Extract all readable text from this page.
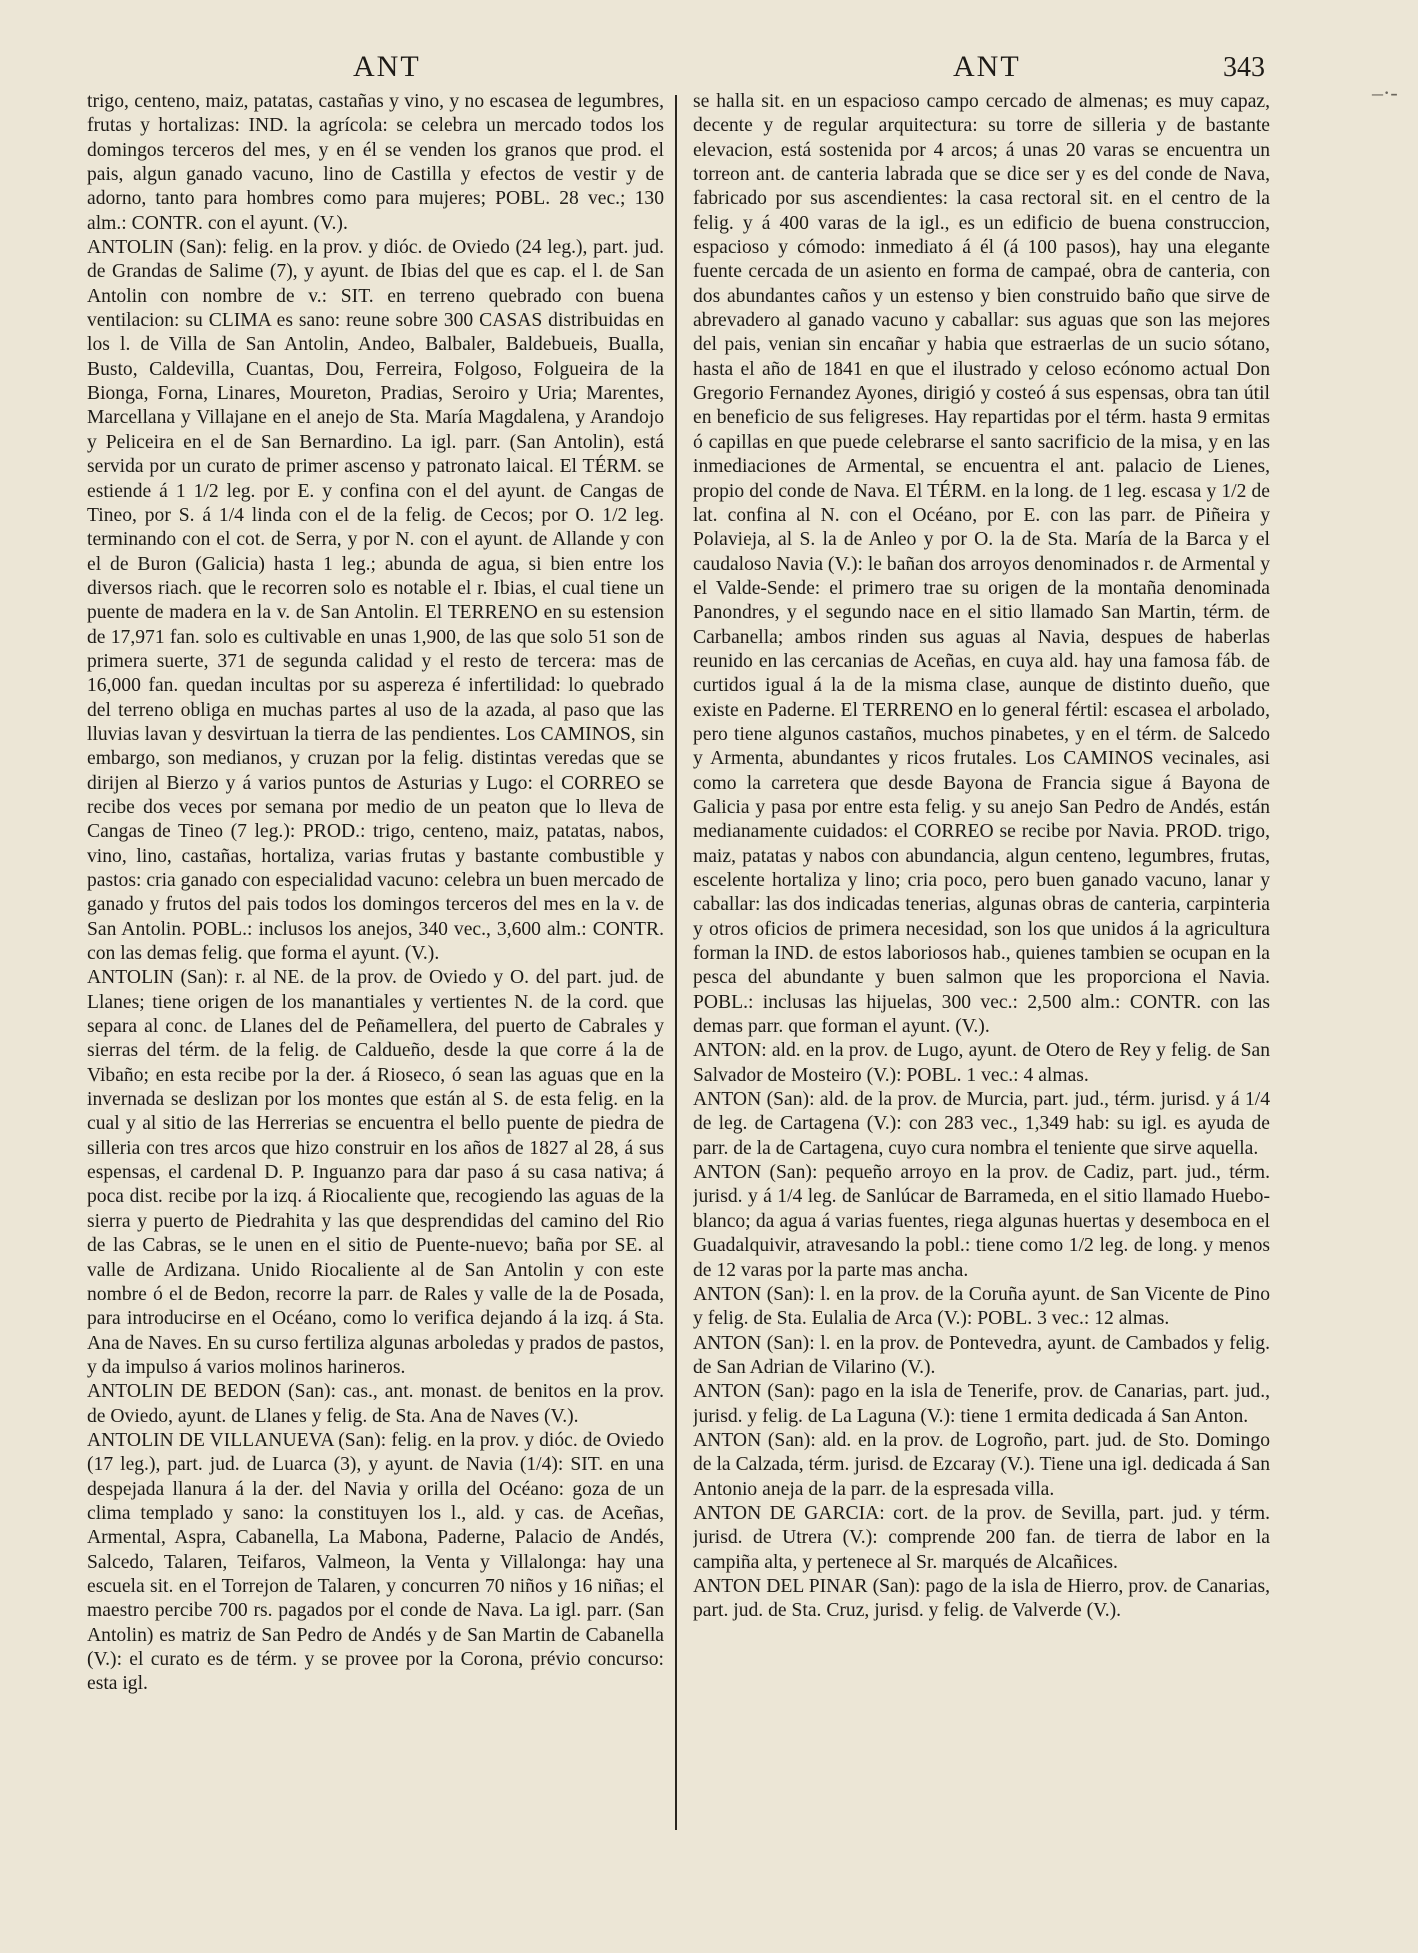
ANT	ANT	343
–·-

trigo, centeno, maiz, patatas, castañas y vino, y no escasea de legumbres, frutas y hortalizas: IND. la agrícola: se celebra un mercado todos los domingos terceros del mes, y en él se venden los granos que prod. el pais, algun ganado vacuno, lino de Castilla y efectos de vestir y de adorno, tanto para hombres como para mujeres; POBL. 28 vec.; 130 alm.: CONTR. con el ayunt. (V.).

ANTOLIN (San): felig. en la prov. y dióc. de Oviedo (24 leg.), part. jud. de Grandas de Salime (7), y ayunt. de Ibias del que es cap. el l. de San Antolin con nombre de v.: SIT. en terreno quebrado con buena ventilacion: su CLIMA es sano: reune sobre 300 CASAS distribuidas en los l. de Villa de San Antolin, Andeo, Balbaler, Baldebueis, Bualla, Busto, Caldevilla, Cuantas, Dou, Ferreira, Folgoso, Folgueira de la Bionga, Forna, Linares, Moureton, Pradias, Seroiro y Uria; Marentes, Marcellana y Villajane en el anejo de Sta. María Magdalena, y Arandojo y Peliceira en el de San Bernardino. La igl. parr. (San Antolin), está servida por un curato de primer ascenso y patronato laical. El TÉRM. se estiende á 1 1/2 leg. por E. y confina con el del ayunt. de Cangas de Tineo, por S. á 1/4 linda con el de la felig. de Cecos; por O. 1/2 leg. terminando con el cot. de Serra, y por N. con el ayunt. de Allande y con el de Buron (Galicia) hasta 1 leg.; abunda de agua, si bien entre los diversos riach. que le recorren solo es notable el r. Ibias, el cual tiene un puente de madera en la v. de San Antolin. El TERRENO en su estension de 17,971 fan. solo es cultivable en unas 1,900, de las que solo 51 son de primera suerte, 371 de segunda calidad y el resto de tercera: mas de 16,000 fan. quedan incultas por su aspereza é infertilidad: lo quebrado del terreno obliga en muchas partes al uso de la azada, al paso que las lluvias lavan y desvirtuan la tierra de las pendientes. Los CAMINOS, sin embargo, son medianos, y cruzan por la felig. distintas veredas que se dirijen al Bierzo y á varios puntos de Asturias y Lugo: el CORREO se recibe dos veces por semana por medio de un peaton que lo lleva de Cangas de Tineo (7 leg.): PROD.: trigo, centeno, maiz, patatas, nabos, vino, lino, castañas, hortaliza, varias frutas y bastante combustible y pastos: cria ganado con especialidad vacuno: celebra un buen mercado de ganado y frutos del pais todos los domingos terceros del mes en la v. de San Antolin. POBL.: inclusos los anejos, 340 vec., 3,600 alm.: CONTR. con las demas felig. que forma el ayunt. (V.).

ANTOLIN (San): r. al NE. de la prov. de Oviedo y O. del part. jud. de Llanes; tiene origen de los manantiales y vertientes N. de la cord. que separa al conc. de Llanes del de Peñamellera, del puerto de Cabrales y sierras del térm. de la felig. de Caldueño, desde la que corre á la de Vibaño; en esta recibe por la der. á Rioseco, ó sean las aguas que en la invernada se deslizan por los montes que están al S. de esta felig. en la cual y al sitio de las Herrerias se encuentra el bello puente de piedra de silleria con tres arcos que hizo construir en los años de 1827 al 28, á sus espensas, el cardenal D. P. Inguanzo para dar paso á su casa nativa; á poca dist. recibe por la izq. á Riocaliente que, recogiendo las aguas de la sierra y puerto de Piedrahita y las que desprendidas del camino del Rio de las Cabras, se le unen en el sitio de Puente-nuevo; baña por SE. al valle de Ardizana. Unido Riocaliente al de San Antolin y con este nombre ó el de Bedon, recorre la parr. de Rales y valle de la de Posada, para introducirse en el Océano, como lo verifica dejando á la izq. á Sta. Ana de Naves. En su curso fertiliza algunas arboledas y prados de pastos, y da impulso á varios molinos harineros.

ANTOLIN DE BEDON (San): cas., ant. monast. de benitos en la prov. de Oviedo, ayunt. de Llanes y felig. de Sta. Ana de Naves (V.).

ANTOLIN DE VILLANUEVA (San): felig. en la prov. y dióc. de Oviedo (17 leg.), part. jud. de Luarca (3), y ayunt. de Navia (1/4): SIT. en una despejada llanura á la der. del Navia y orilla del Océano: goza de un clima templado y sano: la constituyen los l., ald. y cas. de Aceñas, Armental, Aspra, Cabanella, La Mabona, Paderne, Palacio de Andés, Salcedo, Talaren, Teifaros, Valmeon, la Venta y Villalonga: hay una escuela sit. en el Torrejon de Talaren, y concurren 70 niños y 16 niñas; el maestro percibe 700 rs. pagados por el conde de Nava. La igl. parr. (San Antolin) es matriz de San Pedro de Andés y de San Martin de Cabanella (V.): el curato es de térm. y se provee por la Corona, prévio concurso: esta igl.

se halla sit. en un espacioso campo cercado de almenas; es muy capaz, decente y de regular arquitectura: su torre de silleria y de bastante elevacion, está sostenida por 4 arcos; á unas 20 varas se encuentra un torreon ant. de canteria labrada que se dice ser y es del conde de Nava, fabricado por sus ascendientes: la casa rectoral sit. en el centro de la felig. y á 400 varas de la igl., es un edificio de buena construccion, espacioso y cómodo: inmediato á él (á 100 pasos), hay una elegante fuente cercada de un asiento en forma de campaé, obra de canteria, con dos abundantes caños y un estenso y bien construido baño que sirve de abrevadero al ganado vacuno y caballar: sus aguas que son las mejores del pais, venian sin encañar y habia que estraerlas de un sucio sótano, hasta el año de 1841 en que el ilustrado y celoso ecónomo actual Don Gregorio Fernandez Ayones, dirigió y costeó á sus espensas, obra tan útil en beneficio de sus feligreses. Hay repartidas por el térm. hasta 9 ermitas ó capillas en que puede celebrarse el santo sacrificio de la misa, y en las inmediaciones de Armental, se encuentra el ant. palacio de Lienes, propio del conde de Nava. El TÉRM. en la long. de 1 leg. escasa y 1/2 de lat. confina al N. con el Océano, por E. con las parr. de Piñeira y Polavieja, al S. la de Anleo y por O. la de Sta. María de la Barca y el caudaloso Navia (V.): le bañan dos arroyos denominados r. de Armental y el Valde-Sende: el primero trae su origen de la montaña denominada Panondres, y el segundo nace en el sitio llamado San Martin, térm. de Carbanella; ambos rinden sus aguas al Navia, despues de haberlas reunido en las cercanias de Aceñas, en cuya ald. hay una famosa fáb. de curtidos igual á la de la misma clase, aunque de distinto dueño, que existe en Paderne. El TERRENO en lo general fértil: escasea el arbolado, pero tiene algunos castaños, muchos pinabetes, y en el térm. de Salcedo y Armenta, abundantes y ricos frutales. Los CAMINOS vecinales, asi como la carretera que desde Bayona de Francia sigue á Bayona de Galicia y pasa por entre esta felig. y su anejo San Pedro de Andés, están medianamente cuidados: el CORREO se recibe por Navia. PROD. trigo, maiz, patatas y nabos con abundancia, algun centeno, legumbres, frutas, escelente hortaliza y lino; cria poco, pero buen ganado vacuno, lanar y caballar: las dos indicadas tenerias, algunas obras de canteria, carpinteria y otros oficios de primera necesidad, son los que unidos á la agricultura forman la IND. de estos laboriosos hab., quienes tambien se ocupan en la pesca del abundante y buen salmon que les proporciona el Navia. POBL.: inclusas las hijuelas, 300 vec.: 2,500 alm.: CONTR. con las demas parr. que forman el ayunt. (V.).

ANTON: ald. en la prov. de Lugo, ayunt. de Otero de Rey y felig. de San Salvador de Mosteiro (V.): POBL. 1 vec.: 4 almas.

ANTON (San): ald. de la prov. de Murcia, part. jud., térm. jurisd. y á 1/4 de leg. de Cartagena (V.): con 283 vec., 1,349 hab: su igl. es ayuda de parr. de la de Cartagena, cuyo cura nombra el teniente que sirve aquella.

ANTON (San): pequeño arroyo en la prov. de Cadiz, part. jud., térm. jurisd. y á 1/4 leg. de Sanlúcar de Barrameda, en el sitio llamado Huebo-blanco; da agua á varias fuentes, riega algunas huertas y desemboca en el Guadalquivir, atravesando la pobl.: tiene como 1/2 leg. de long. y menos de 12 varas por la parte mas ancha.

ANTON (San): l. en la prov. de la Coruña ayunt. de San Vicente de Pino y felig. de Sta. Eulalia de Arca (V.): POBL. 3 vec.: 12 almas.

ANTON (San): l. en la prov. de Pontevedra, ayunt. de Cambados y felig. de San Adrian de Vilarino (V.).

ANTON (San): pago en la isla de Tenerife, prov. de Canarias, part. jud., jurisd. y felig. de La Laguna (V.): tiene 1 ermita dedicada á San Anton.

ANTON (San): ald. en la prov. de Logroño, part. jud. de Sto. Domingo de la Calzada, térm. jurisd. de Ezcaray (V.). Tiene una igl. dedicada á San Antonio aneja de la parr. de la espresada villa.

ANTON DE GARCIA: cort. de la prov. de Sevilla, part. jud. y térm. jurisd. de Utrera (V.): comprende 200 fan. de tierra de labor en la campiña alta, y pertenece al Sr. marqués de Alcañices.

ANTON DEL PINAR (San): pago de la isla de Hierro, prov. de Canarias, part. jud. de Sta. Cruz, jurisd. y felig. de Valverde (V.).
